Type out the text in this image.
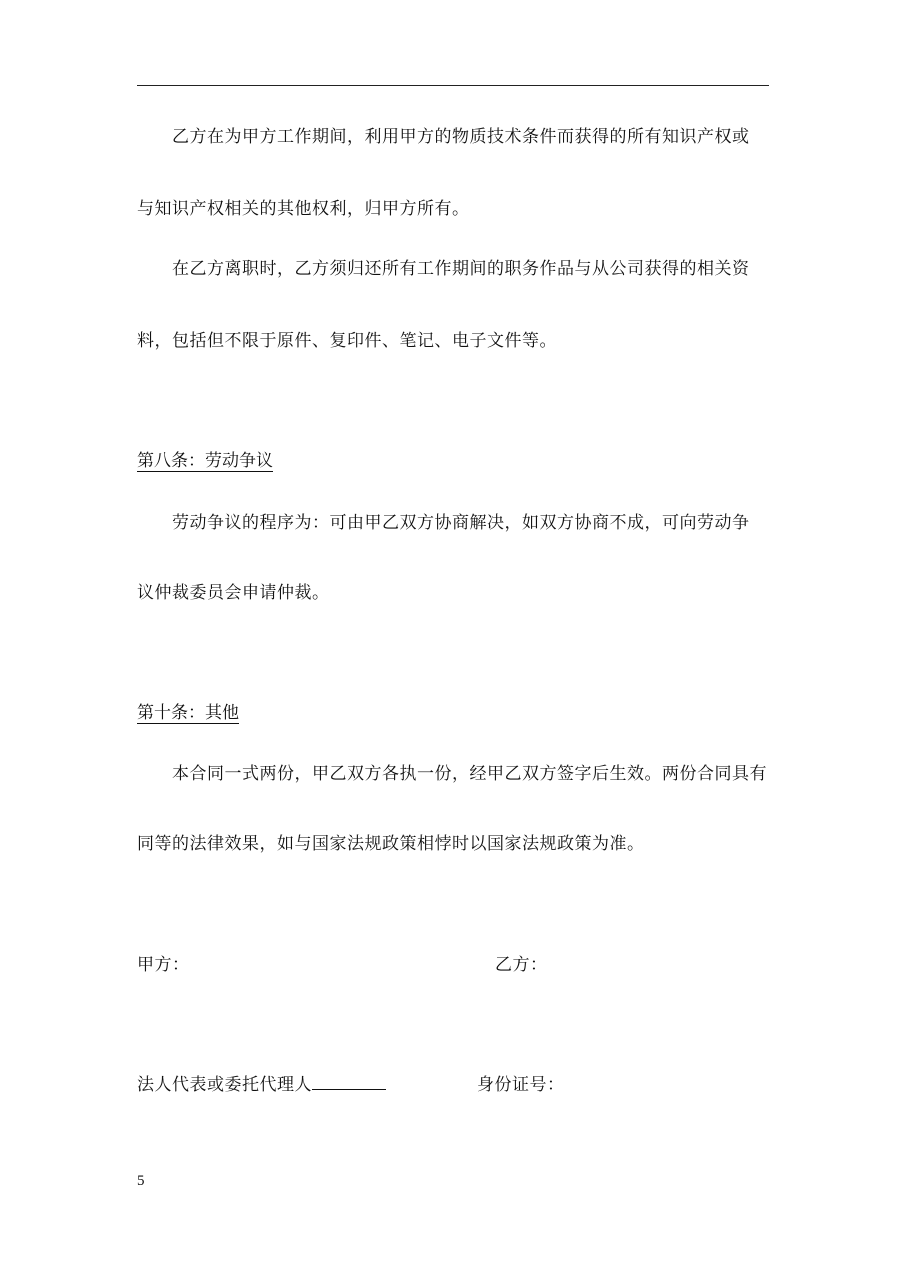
乙方在为甲方工作期间，利用甲方的物质技术条件而获得的所有知识产权或
与知识产权相关的其他权利，归甲方所有。
在乙方离职时，乙方须归还所有工作期间的职务作品与从公司获得的相关资
料，包括但不限于原件、复印件、笔记、电子文件等。
第八条：劳动争议
劳动争议的程序为：可由甲乙双方协商解决，如双方协商不成，可向劳动争
议仲裁委员会申请仲裁。
第十条：其他
本合同一式两份，甲乙双方各执一份，经甲乙双方签字后生效。两份合同具有
同等的法律效果，如与国家法规政策相悖时以国家法规政策为准。
甲方：	乙方：
法人代表或委托代理人	身份证号：
5
